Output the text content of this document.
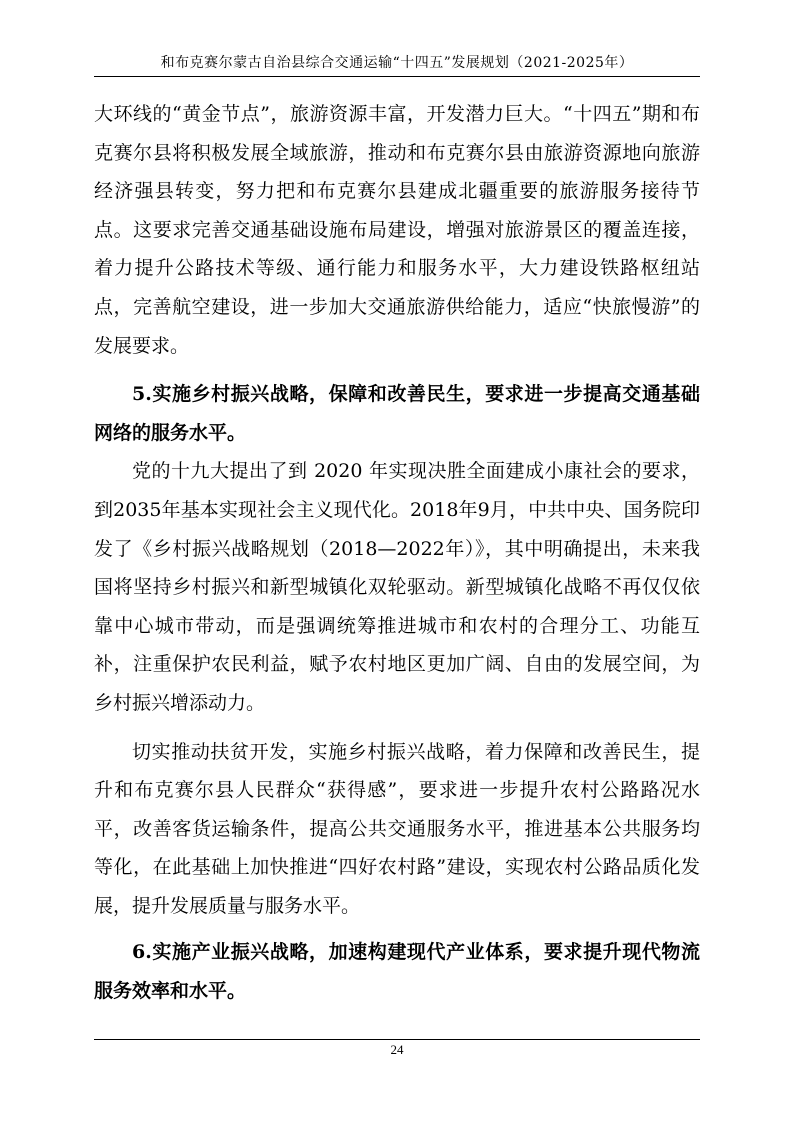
和布克赛尔蒙古自治县综合交通运输“十四五”发展规划（2021-2025年）

大环线的“黄金节点”，旅游资源丰富，开发潜力巨大。“十四五”期和布克赛尔县将积极发展全域旅游，推动和布克赛尔县由旅游资源地向旅游经济强县转变，努力把和布克赛尔县建成北疆重要的旅游服务接待节点。这要求完善交通基础设施布局建设，增强对旅游景区的覆盖连接，着力提升公路技术等级、通行能力和服务水平，大力建设铁路枢纽站点，完善航空建设，进一步加大交通旅游供给能力，适应“快旅慢游”的发展要求。

5.实施乡村振兴战略，保障和改善民生，要求进一步提高交通基础网络的服务水平。

党的十九大提出了到 2020 年实现决胜全面建成小康社会的要求，到2035年基本实现社会主义现代化。2018年9月，中共中央、国务院印发了《乡村振兴战略规划（2018—2022年）》，其中明确提出，未来我国将坚持乡村振兴和新型城镇化双轮驱动。新型城镇化战略不再仅仅依靠中心城市带动，而是强调统筹推进城市和农村的合理分工、功能互补，注重保护农民利益，赋予农村地区更加广阔、自由的发展空间，为乡村振兴增添动力。

切实推动扶贫开发，实施乡村振兴战略，着力保障和改善民生，提升和布克赛尔县人民群众“获得感”，要求进一步提升农村公路路况水平，改善客货运输条件，提高公共交通服务水平，推进基本公共服务均等化，在此基础上加快推进“四好农村路”建设，实现农村公路品质化发展，提升发展质量与服务水平。

6.实施产业振兴战略，加速构建现代产业体系，要求提升现代物流服务效率和水平。

24
